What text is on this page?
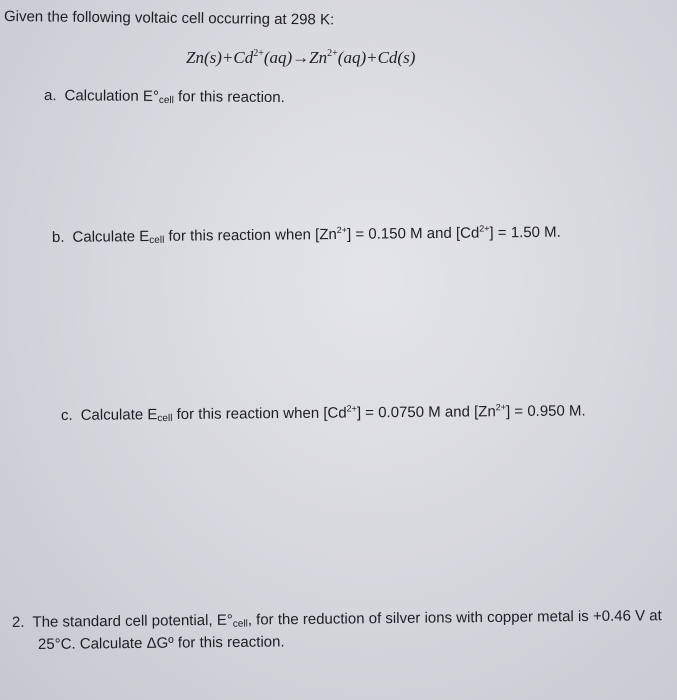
Given the following voltaic cell occurring at 298 K:
$Zn(s)+Cd^{2+}(aq)\to Zn^{2+}(aq)+Cd(s)$
a. Calculation $E^\circ_{cell}$ for this reaction.
b. Calculate $E_{cell}$ for this reaction when $[Zn^{2+}] = 0.150$ M and $[Cd^{2+}] = 1.50$ M.
c. Calculate $E_{cell}$ for this reaction when $[Cd^{2+}] = 0.0750$ M and $[Zn^{2+}] = 0.950$ M.
2. The standard cell potential, $E^\circ_{cell}$, for the reduction of silver ions with copper metal is +0.46 V at
25°C. Calculate ΔGº for this reaction.
